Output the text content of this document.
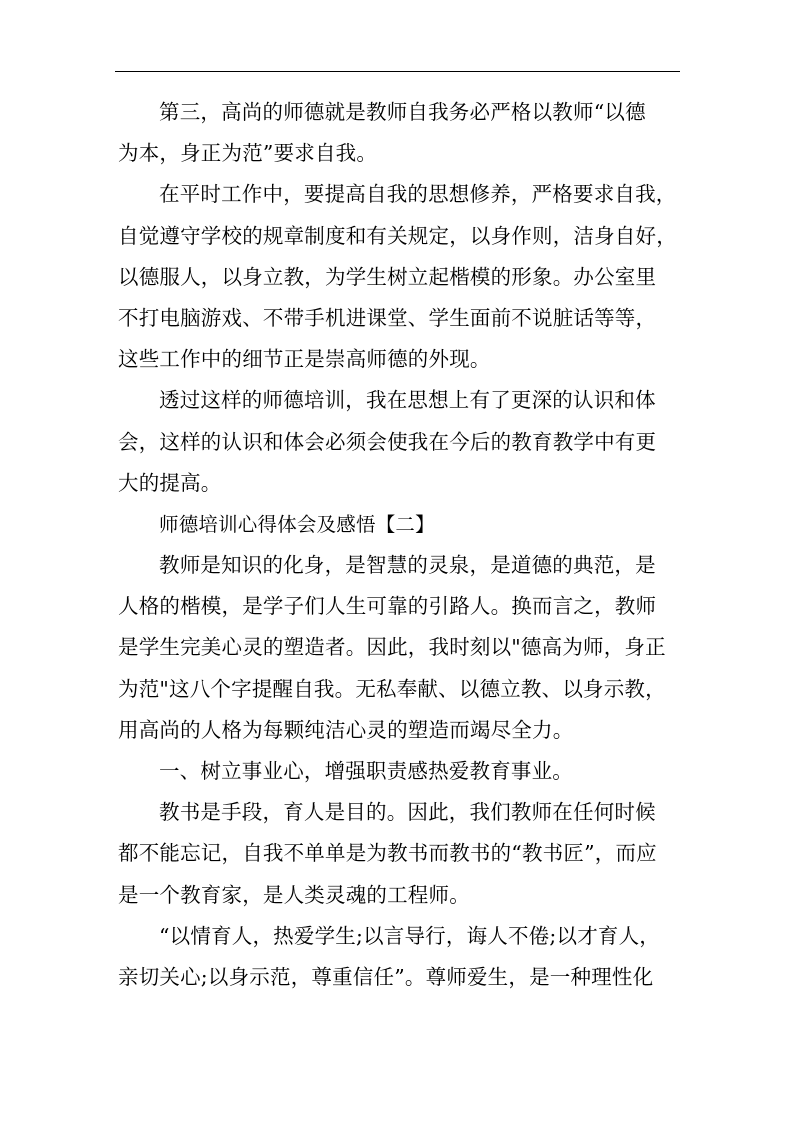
第三，高尚的师德就是教师自我务必严格以教师“以德
为本，身正为范”要求自我。
在平时工作中，要提高自我的思想修养，严格要求自我，
自觉遵守学校的规章制度和有关规定，以身作则，洁身自好，
以德服人，以身立教，为学生树立起楷模的形象。办公室里
不打电脑游戏、不带手机进课堂、学生面前不说脏话等等，
这些工作中的细节正是崇高师德的外现。
透过这样的师德培训，我在思想上有了更深的认识和体
会，这样的认识和体会必须会使我在今后的教育教学中有更
大的提高。
师德培训心得体会及感悟【二】
教师是知识的化身，是智慧的灵泉，是道德的典范，是
人格的楷模，是学子们人生可靠的引路人。换而言之，教师
是学生完美心灵的塑造者。因此，我时刻以"德高为师，身正
为范"这八个字提醒自我。无私奉献、以德立教、以身示教，
用高尚的人格为每颗纯洁心灵的塑造而竭尽全力。
一、树立事业心，增强职责感热爱教育事业。
教书是手段，育人是目的。因此，我们教师在任何时候
都不能忘记，自我不单单是为教书而教书的“教书匠”，而应
是一个教育家，是人类灵魂的工程师。
“以情育人，热爱学生;以言导行，诲人不倦;以才育人，
亲切关心;以身示范，尊重信任”。尊师爱生，是一种理性化
